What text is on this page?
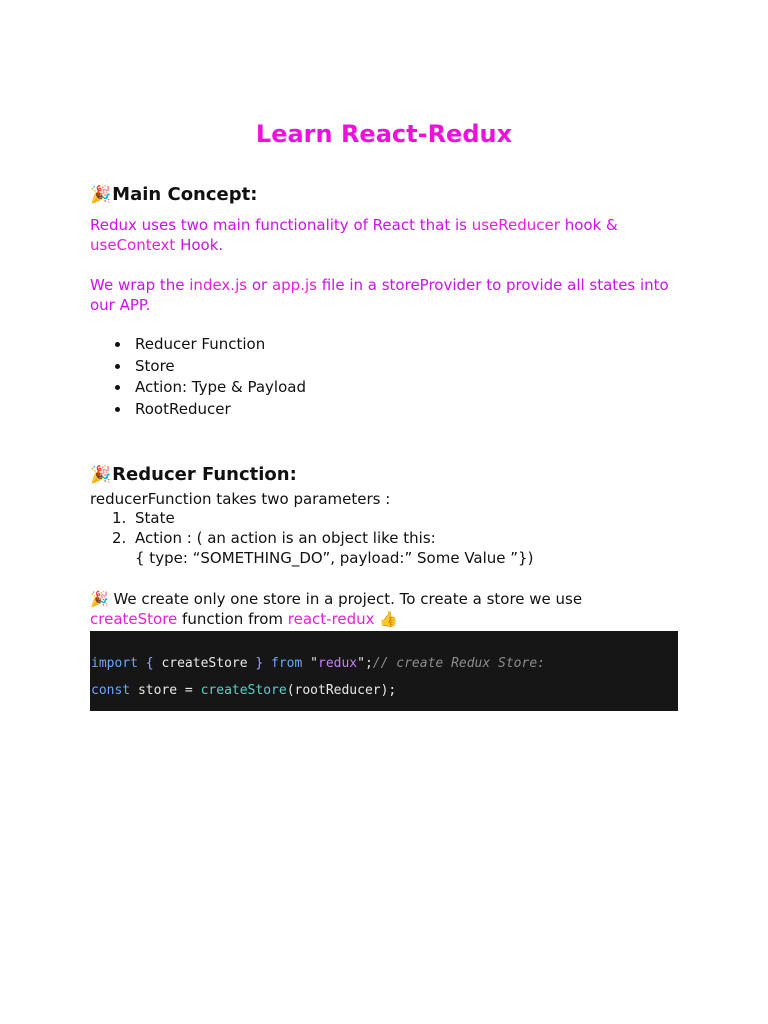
Learn React-Redux
🎉Main Concept:

Redux uses two main functionality of React that is useReducer hook &
useContext Hook.

We wrap the index.js or app.js file in a storeProvider to provide all states into our APP.

Reducer Function
Store
Action: Type & Payload
RootReducer
🎉Reducer Function:

reducerFunction takes two parameters :

1. State
2. Action : ( an action is an object like this:
{ type: “SOMETHING_DO”, payload:” Some Value ”})

🎉 We create only one store in a project. To create a store we use
createStore function from react-redux 👍

import { createStore } from "redux";// create Redux Store:
const store = createStore(rootReducer);
